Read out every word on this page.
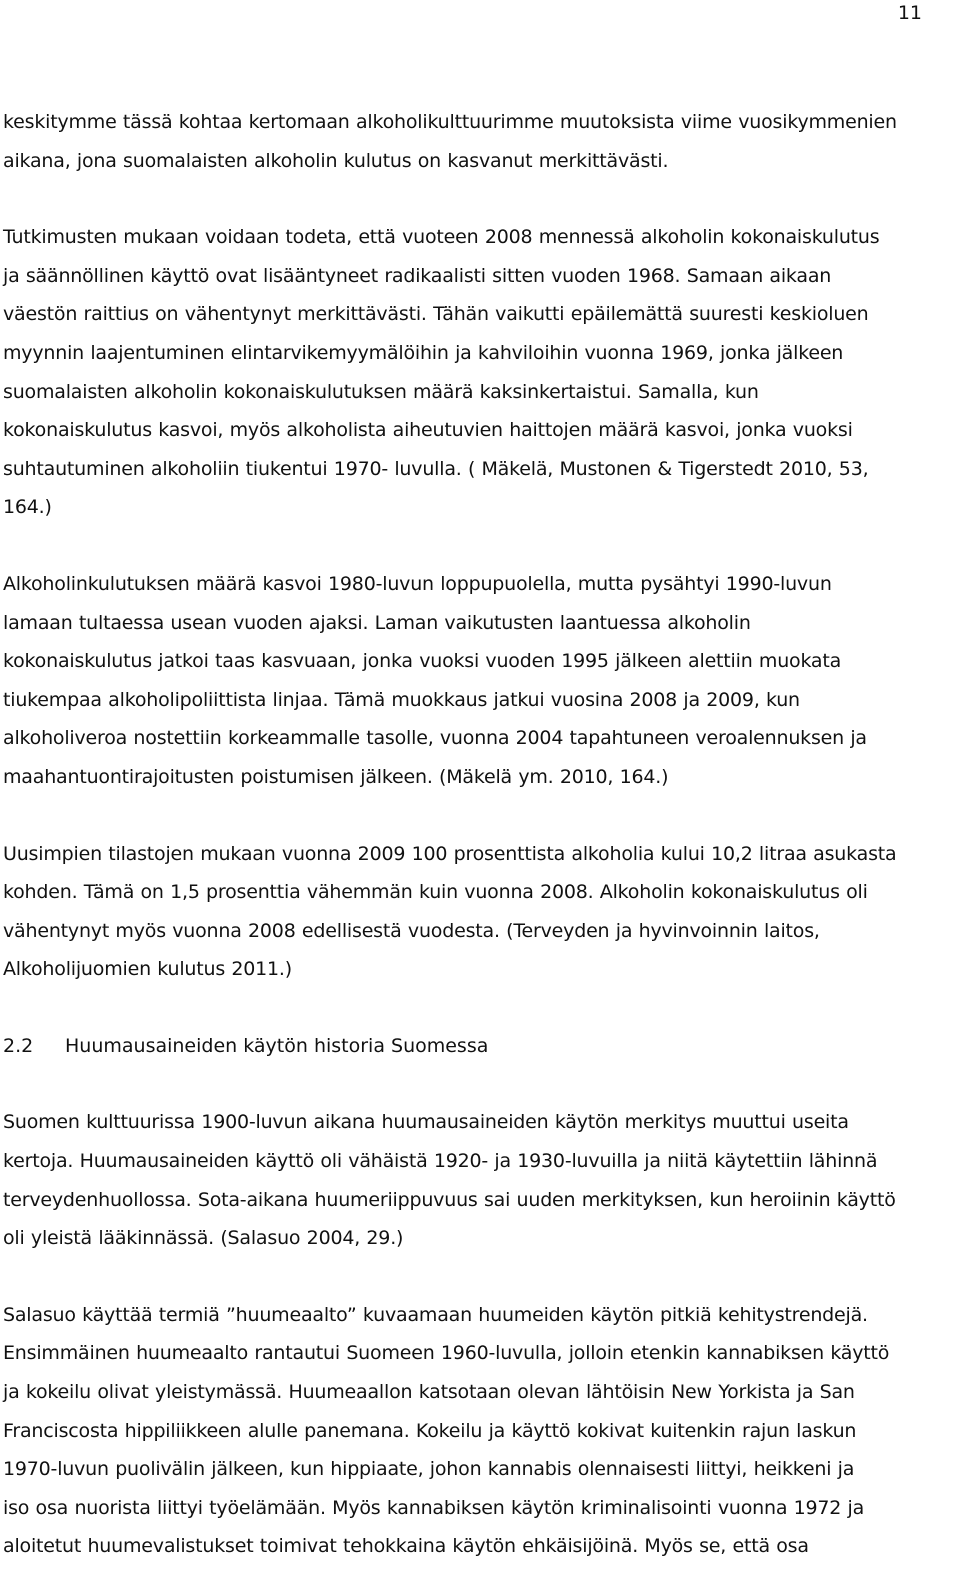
11

keskitymme tässä kohtaa kertomaan alkoholikulttuurimme muutoksista viime vuosikymmenien
aikana, jona suomalaisten alkoholin kulutus on kasvanut merkittävästi.

Tutkimusten mukaan voidaan todeta, että vuoteen 2008 mennessä alkoholin kokonaiskulutus
ja säännöllinen käyttö ovat lisääntyneet radikaalisti sitten vuoden 1968. Samaan aikaan
väestön raittius on vähentynyt merkittävästi. Tähän vaikutti epäilemättä suuresti keskioluen
myynnin laajentuminen elintarvikemyymälöihin ja kahviloihin vuonna 1969, jonka jälkeen
suomalaisten alkoholin kokonaiskulutuksen määrä kaksinkertaistui. Samalla, kun
kokonaiskulutus kasvoi, myös alkoholista aiheutuvien haittojen määrä kasvoi, jonka vuoksi
suhtautuminen alkoholiin tiukentui 1970- luvulla. ( Mäkelä, Mustonen & Tigerstedt 2010, 53,
164.)

Alkoholinkulutuksen määrä kasvoi 1980-luvun loppupuolella, mutta pysähtyi 1990-luvun
lamaan tultaessa usean vuoden ajaksi. Laman vaikutusten laantuessa alkoholin
kokonaiskulutus jatkoi taas kasvuaan, jonka vuoksi vuoden 1995 jälkeen alettiin muokata
tiukempaa alkoholipoliittista linjaa. Tämä muokkaus jatkui vuosina 2008 ja 2009, kun
alkoholiveroa nostettiin korkeammalle tasolle, vuonna 2004 tapahtuneen veroalennuksen ja
maahantuontirajoitusten poistumisen jälkeen. (Mäkelä ym. 2010, 164.)

Uusimpien tilastojen mukaan vuonna 2009 100 prosenttista alkoholia kului 10,2 litraa asukasta
kohden. Tämä on 1,5 prosenttia vähemmän kuin vuonna 2008. Alkoholin kokonaiskulutus oli
vähentynyt myös vuonna 2008 edellisestä vuodesta. (Terveyden ja hyvinvoinnin laitos,
Alkoholijuomien kulutus 2011.)

2.2 Huumausaineiden käytön historia Suomessa

Suomen kulttuurissa 1900-luvun aikana huumausaineiden käytön merkitys muuttui useita
kertoja. Huumausaineiden käyttö oli vähäistä 1920- ja 1930-luvuilla ja niitä käytettiin lähinnä
terveydenhuollossa. Sota-aikana huumeriippuvuus sai uuden merkityksen, kun heroiinin käyttö
oli yleistä lääkinnässä. (Salasuo 2004, 29.)

Salasuo käyttää termiä ”huumeaalto” kuvaamaan huumeiden käytön pitkiä kehitystrendejä.
Ensimmäinen huumeaalto rantautui Suomeen 1960-luvulla, jolloin etenkin kannabiksen käyttö
ja kokeilu olivat yleistymässä. Huumeaallon katsotaan olevan lähtöisin New Yorkista ja San
Franciscosta hippiliikkeen alulle panemana. Kokeilu ja käyttö kokivat kuitenkin rajun laskun
1970-luvun puolivälin jälkeen, kun hippiaate, johon kannabis olennaisesti liittyi, heikkeni ja
iso osa nuorista liittyi työelämään. Myös kannabiksen käytön kriminalisointi vuonna 1972 ja
aloitetut huumevalistukset toimivat tehokkaina käytön ehkäisijöinä. Myös se, että osa
